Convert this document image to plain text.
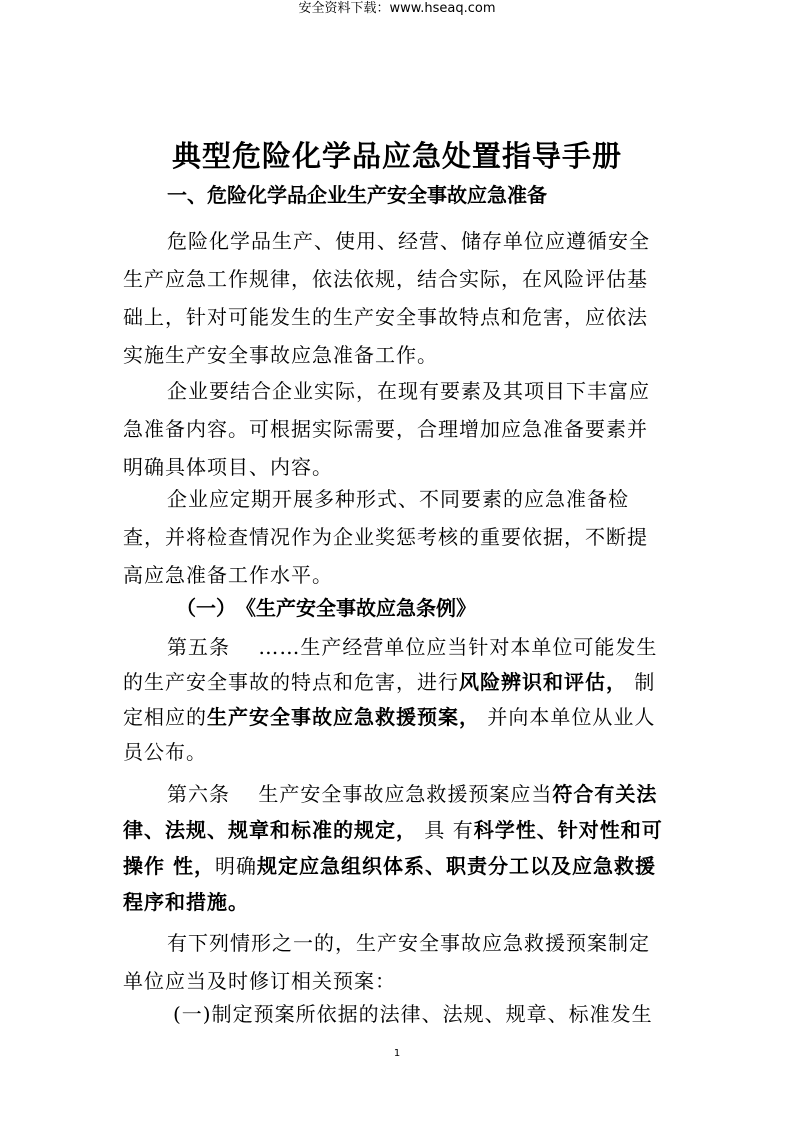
安全资料下载：www.hseaq.com
典型危险化学品应急处置指导手册
一、危险化学品企业生产安全事故应急准备

危险化学品生产、使用、经营、储存单位应遵循安全生产应急工作规律，依法依规，结合实际，在风险评估基础上，针对可能发生的生产安全事故特点和危害，应依法实施生产安全事故应急准备工作。

企业要结合企业实际，在现有要素及其项目下丰富应急准备内容。可根据实际需要，合理增加应急准备要素并明确具体项目、内容。

企业应定期开展多种形式、不同要素的应急准备检查，并将检查情况作为企业奖惩考核的重要依据，不断提高应急准备工作水平。

（一）　《生产安全事故应急条例》

第五条　 ……生产经营单位应当针对本单位可能发生的生产安全事故的特点和危害，进行风险辨识和评估， 制定相应的生产安全事故应急救援预案， 并向本单位从业人员公布。

第六条　 生产安全事故应急救援预案应当符合有关法律、法规、规章和标准的规定， 具 有科学性、针对性和可操作 性，明确规定应急组织体系、职责分工以及应急救援程序和措施。

有下列情形之一的，生产安全事故应急救援预案制定单位应当及时修订相关预案：

(一)制定预案所依据的法律、法规、规章、标准发生

1
